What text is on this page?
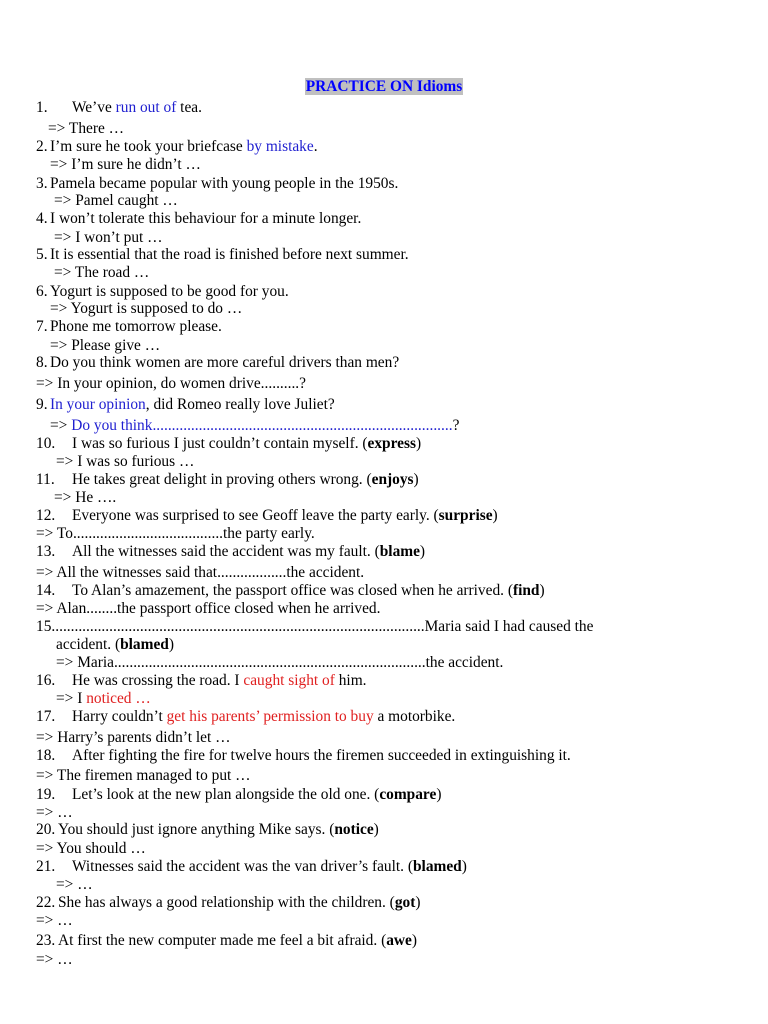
PRACTICE ON Idioms
1. We’ve run out of tea.
=> There …
2. I’m sure he took your briefcase by mistake.
=> I’m sure he didn’t …
3. Pamela became popular with young people in the 1950s.
=> Pamel caught …
4. I won’t tolerate this behaviour for a minute longer.
=> I won’t put …
5. It is essential that the road is finished before next summer.
=> The road …
6. Yogurt is supposed to be good for you.
=> Yogurt is supposed to do …
7. Phone me tomorrow please.
=> Please give …
8. Do you think women are more careful drivers than men?
=> In your opinion, do women drive..........?
9. In your opinion, did Romeo really love Juliet?
=> Do you think..............................................................................?
10. I was so furious I just couldn’t contain myself. (express)
=> I was so furious …
11. He takes great delight in proving others wrong. (enjoys)
=> He ….
12. Everyone was surprised to see Geoff leave the party early. (surprise)
=> To.......................................the party early.
13. All the witnesses said the accident was my fault. (blame)
=> All the witnesses said that..................the accident.
14. To Alan’s amazement, the passport office was closed when he arrived. (find)
=> Alan........the passport office closed when he arrived.
15.................................................................................................Maria said I had caused the
accident. (blamed)
=> Maria.................................................................................the accident.
16. He was crossing the road. I caught sight of him.
=> I noticed …
17. Harry couldn’t get his parents’ permission to buy a motorbike.
=> Harry’s parents didn’t let …
18. After fighting the fire for twelve hours the firemen succeeded in extinguishing it.
=> The firemen managed to put …
19. Let’s look at the new plan alongside the old one. (compare)
=> …
20. You should just ignore anything Mike says. (notice)
=> You should …
21. Witnesses said the accident was the van driver’s fault. (blamed)
=> …
22. She has always a good relationship with the children. (got)
=> …
23. At first the new computer made me feel a bit afraid. (awe)
=> …
